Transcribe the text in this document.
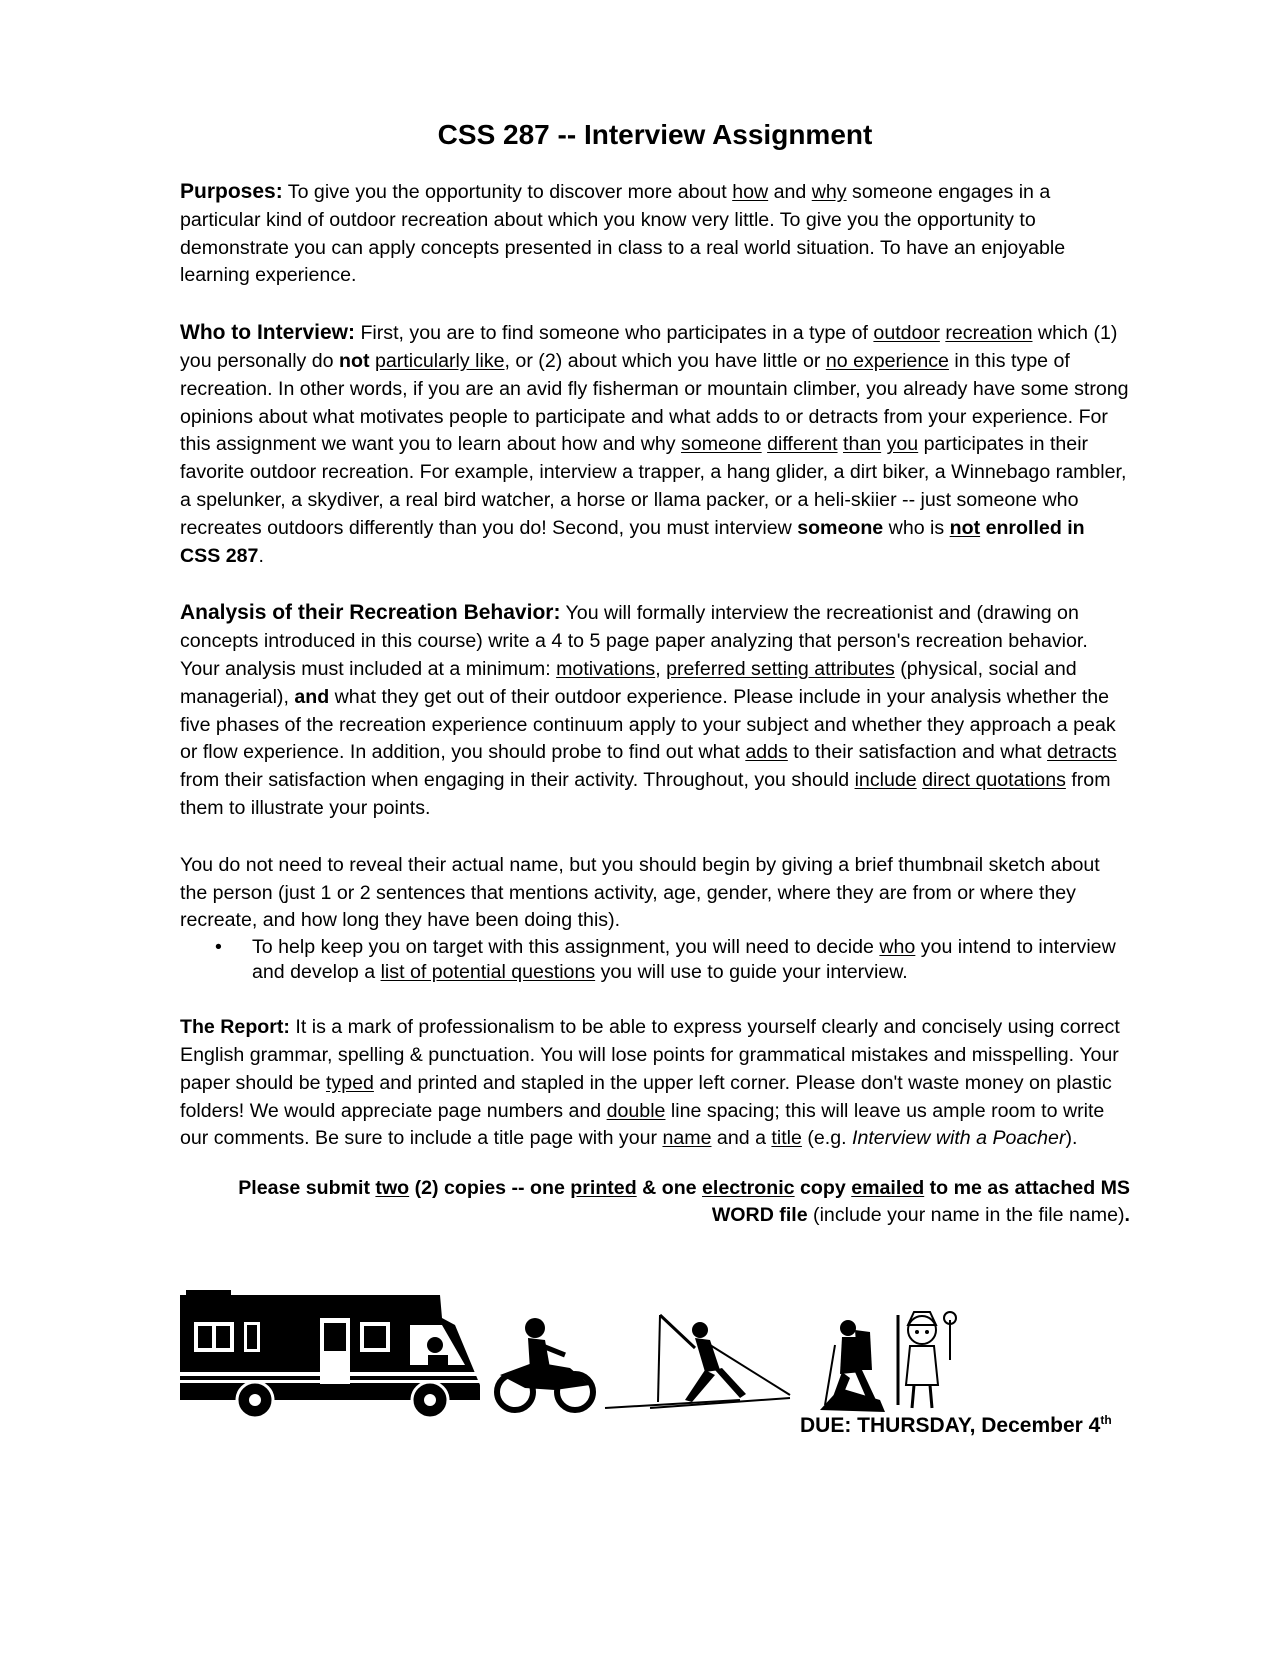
CSS 287 -- Interview Assignment

Purposes: To give you the opportunity to discover more about how and why someone engages in a particular kind of outdoor recreation about which you know very little. To give you the opportunity to demonstrate you can apply concepts presented in class to a real world situation. To have an enjoyable learning experience.

Who to Interview: First, you are to find someone who participates in a type of outdoor recreation which (1) you personally do not particularly like, or (2) about which you have little or no experience in this type of recreation. In other words, if you are an avid fly fisherman or mountain climber, you already have some strong opinions about what motivates people to participate and what adds to or detracts from your experience. For this assignment we want you to learn about how and why someone different than you participates in their favorite outdoor recreation. For example, interview a trapper, a hang glider, a dirt biker, a Winnebago rambler, a spelunker, a skydiver, a real bird watcher, a horse or llama packer, or a heli-skiier -- just someone who recreates outdoors differently than you do! Second, you must interview someone who is not enrolled in CSS 287.

Analysis of their Recreation Behavior: You will formally interview the recreationist and (drawing on concepts introduced in this course) write a 4 to 5 page paper analyzing that person's recreation behavior. Your analysis must included at a minimum: motivations, preferred setting attributes (physical, social and managerial), and what they get out of their outdoor experience. Please include in your analysis whether the five phases of the recreation experience continuum apply to your subject and whether they approach a peak or flow experience. In addition, you should probe to find out what adds to their satisfaction and what detracts from their satisfaction when engaging in their activity. Throughout, you should include direct quotations from them to illustrate your points.

You do not need to reveal their actual name, but you should begin by giving a brief thumbnail sketch about the person (just 1 or 2 sentences that mentions activity, age, gender, where they are from or where they recreate, and how long they have been doing this).

• To help keep you on target with this assignment, you will need to decide who you intend to interview and develop a list of potential questions you will use to guide your interview.

The Report: It is a mark of professionalism to be able to express yourself clearly and concisely using correct English grammar, spelling & punctuation. You will lose points for grammatical mistakes and misspelling. Your paper should be typed and printed and stapled in the upper left corner. Please don't waste money on plastic folders! We would appreciate page numbers and double line spacing; this will leave us ample room to write our comments. Be sure to include a title page with your name and a title (e.g. Interview with a Poacher).

Please submit two (2) copies -- one printed & one electronic copy emailed to me as attached MS WORD file (include your name in the file name).

DUE: THURSDAY, December 4th
